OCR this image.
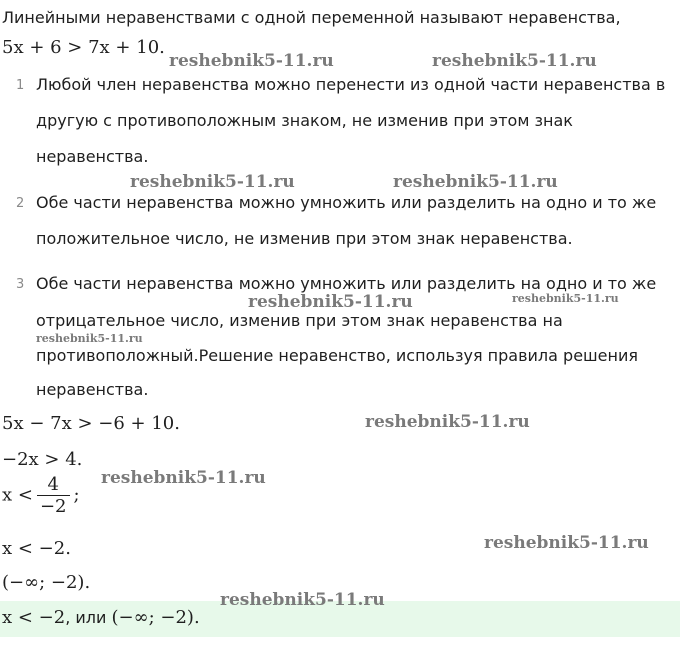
Линейными неравенствами с одной переменной называют неравенства,
5x + 6 > 7x + 10.
1 Любой член неравенства можно перенести из одной части неравенства в
другую с противоположным знаком, не изменив при этом знак
неравенства.
2 Обе части неравенства можно умножить или разделить на одно и то же
положительное число, не изменив при этом знак неравенства.
3 Обе части неравенства можно умножить или разделить на одно и то же
отрицательное число, изменив при этом знак неравенства на
противоположный.Решение неравенство, используя правила решения
неравенства.
5x − 7x > −6 + 10.
−2x > 4.
$x < \frac{4}{-2}$ ;
x < −2.
(−∞; −2).
x < −2, или (−∞; −2).
reshebnik5-11.ru	reshebnik5-11.ru
reshebnik5-11.ru	reshebnik5-11.ru
reshebnik5-11.ru	reshebnik5-11.ru
reshebnik5-11.ru
reshebnik5-11.ru
reshebnik5-11.ru
reshebnik5-11.ru
reshebnik5-11.ru
